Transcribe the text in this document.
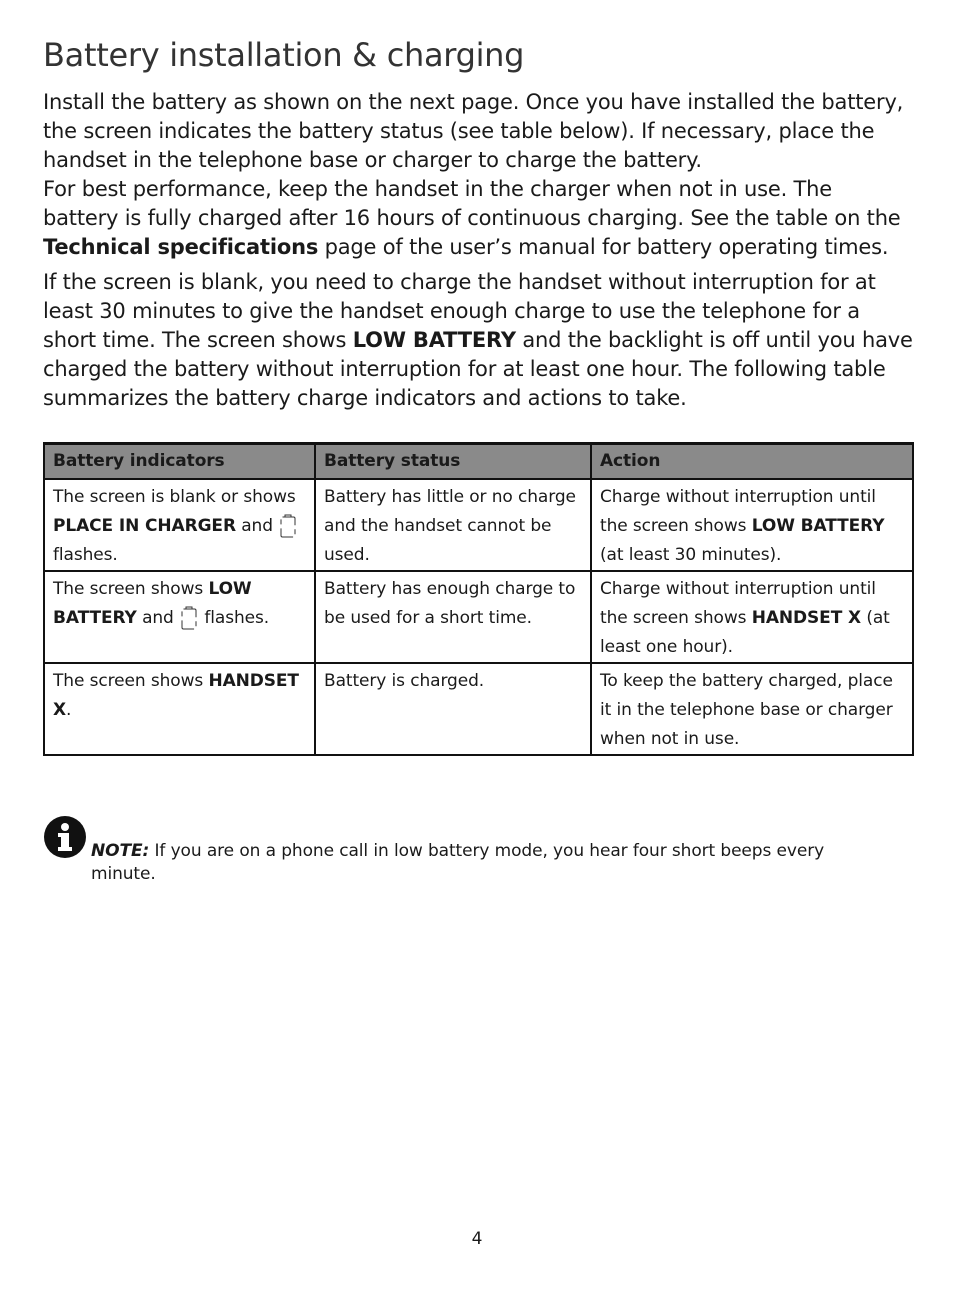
Battery installation & charging

Install the battery as shown on the next page. Once you have installed the battery, the screen indicates the battery status (see table below). If necessary, place the handset in the telephone base or charger to charge the battery.
For best performance, keep the handset in the charger when not in use. The battery is fully charged after 16 hours of continuous charging. See the table on the Technical specifications page of the user’s manual for battery operating times.

If the screen is blank, you need to charge the handset without interruption for at least 30 minutes to give the handset enough charge to use the telephone for a short time. The screen shows LOW BATTERY and the backlight is off until you have charged the battery without interruption for at least one hour. The following table summarizes the battery charge indicators and actions to take.

Battery indicators	Battery status	Action
The screen is blank or shows PLACE IN CHARGER and  flashes.	Battery has little or no charge and the handset cannot be used.	Charge without interruption until the screen shows LOW BATTERY (at least 30 minutes).
The screen shows LOW BATTERY and  flashes.	Battery has enough charge to be used for a short time.	Charge without interruption until the screen shows HANDSET X (at least one hour).
The screen shows HANDSET X.	Battery is charged.	To keep the battery charged, place it in the telephone base or charger when not in use.
NOTE: If you are on a phone call in low battery mode, you hear four short beeps every minute.
4
